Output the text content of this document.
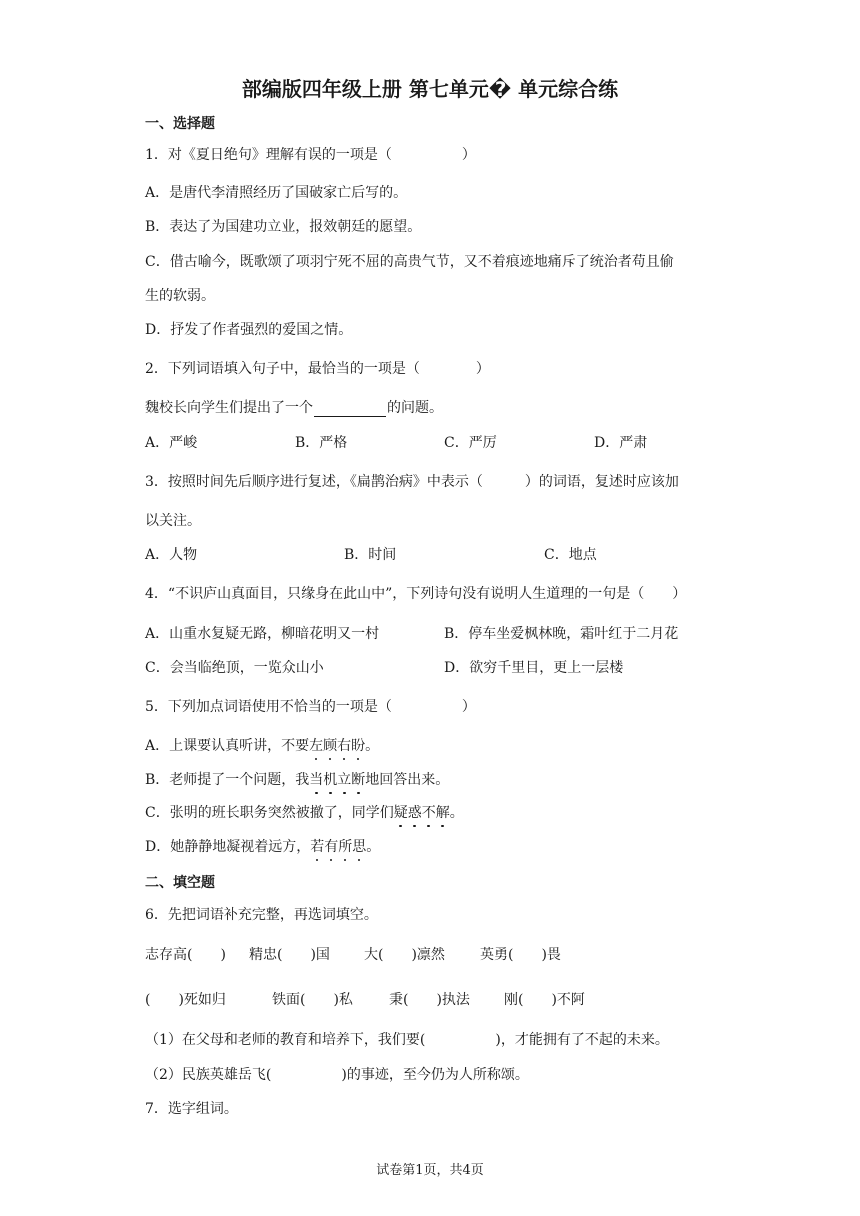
部编版四年级上册 第七单元� 单元综合练
一、选择题
1．对《夏日绝句》理解有误的一项是（　　　　　）
A．是唐代李清照经历了国破家亡后写的。
B．表达了为国建功立业，报效朝廷的愿望。
C．借古喻今，既歌颂了项羽宁死不屈的高贵气节，又不着痕迹地痛斥了统治者苟且偷
生的软弱。
D．抒发了作者强烈的爱国之情。
2．下列词语填入句子中，最恰当的一项是（　　　　）
魏校长向学生们提出了一个	的问题。
A．严峻	B．严格	C．严厉	D．严肃
3．按照时间先后顺序进行复述，《扁鹊治病》中表示（　　　）的词语，复述时应该加
以关注。
A．人物	B．时间	C．地点
4．“不识庐山真面目，只缘身在此山中”，下列诗句没有说明人生道理的一句是（　　）
A．山重水复疑无路，柳暗花明又一村	B．停车坐爱枫林晚，霜叶红于二月花
C．会当临绝顶，一览众山小	D．欲穷千里目，更上一层楼
5．下列加点词语使用不恰当的一项是（　　　　　）
A．上课要认真听讲，不要左顾右盼。
B．老师提了一个问题，我当机立断地回答出来。
C．张明的班长职务突然被撤了，同学们疑惑不解。
D．她静静地凝视着远方，若有所思。
二、填空题
6．先把词语补充完整，再选词填空。
志存高(　　) 精忠(　　)国 大(　　)凛然	英勇(　　)畏
(　　)死如归	铁面(　　)私	秉(　　)执法 刚(　　)不阿
（1）在父母和老师的教育和培养下，我们要(　　　　　)，才能拥有了不起的未来。
（2）民族英雄岳飞(　　　　　)的事迹，至今仍为人所称颂。
7．选字组词。
试卷第1页，共4页
